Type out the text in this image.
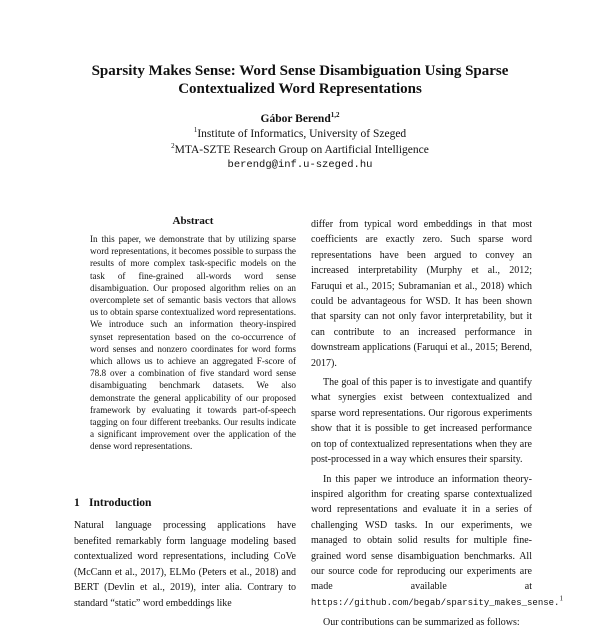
Sparsity Makes Sense: Word Sense Disambiguation Using Sparse
Contextualized Word Representations
Gábor Berend$^{1,2}$
$^1$Institute of Informatics, University of Szeged
$^2$MTA-SZTE Research Group on Aartificial Intelligence
berendg@inf.u-szeged.hu
Abstract
In this paper, we demonstrate that by utilizing sparse word representations, it becomes possible to surpass the results of more complex task-specific models on the task of fine-grained all-words word sense disambiguation. Our proposed algorithm relies on an overcomplete set of semantic basis vectors that allows us to obtain sparse contextualized word representations. We introduce such an information theory-inspired synset representation based on the co-occurrence of word senses and nonzero coordinates for word forms which allows us to achieve an aggregated F-score of 78.8 over a combination of five standard word sense disambiguating benchmark datasets. We also demonstrate the general applicability of our proposed framework by evaluating it towards part-of-speech tagging on four different treebanks. Our results indicate a significant improvement over the application of the dense word representations.
1 Introduction
Natural language processing applications have benefited remarkably form language modeling based contextualized word representations, including CoVe (McCann et al., 2017), ELMo (Peters et al., 2018) and BERT (Devlin et al., 2019), inter alia. Contrary to standard “static” word embeddings like

differ from typical word embeddings in that most coefficients are exactly zero. Such sparse word representations have been argued to convey an increased interpretability (Murphy et al., 2012; Faruqui et al., 2015; Subramanian et al., 2018) which could be advantageous for WSD. It has been shown that sparsity can not only favor interpretability, but it can contribute to an increased performance in downstream applications (Faruqui et al., 2015; Berend, 2017).

The goal of this paper is to investigate and quantify what synergies exist between contextualized and sparse word representations. Our rigorous experiments show that it is possible to get increased performance on top of contextualized representations when they are post-processed in a way which ensures their sparsity.

In this paper we introduce an information theory-inspired algorithm for creating sparse contextualized word representations and evaluate it in a series of challenging WSD tasks. In our experiments, we managed to obtain solid results for multiple fine-grained word sense disambiguation benchmarks. All our source code for reproducing our experiments are made available at https://github.com/begab/sparsity_makes_sense.$^1$

Our contributions can be summarized as follows:
